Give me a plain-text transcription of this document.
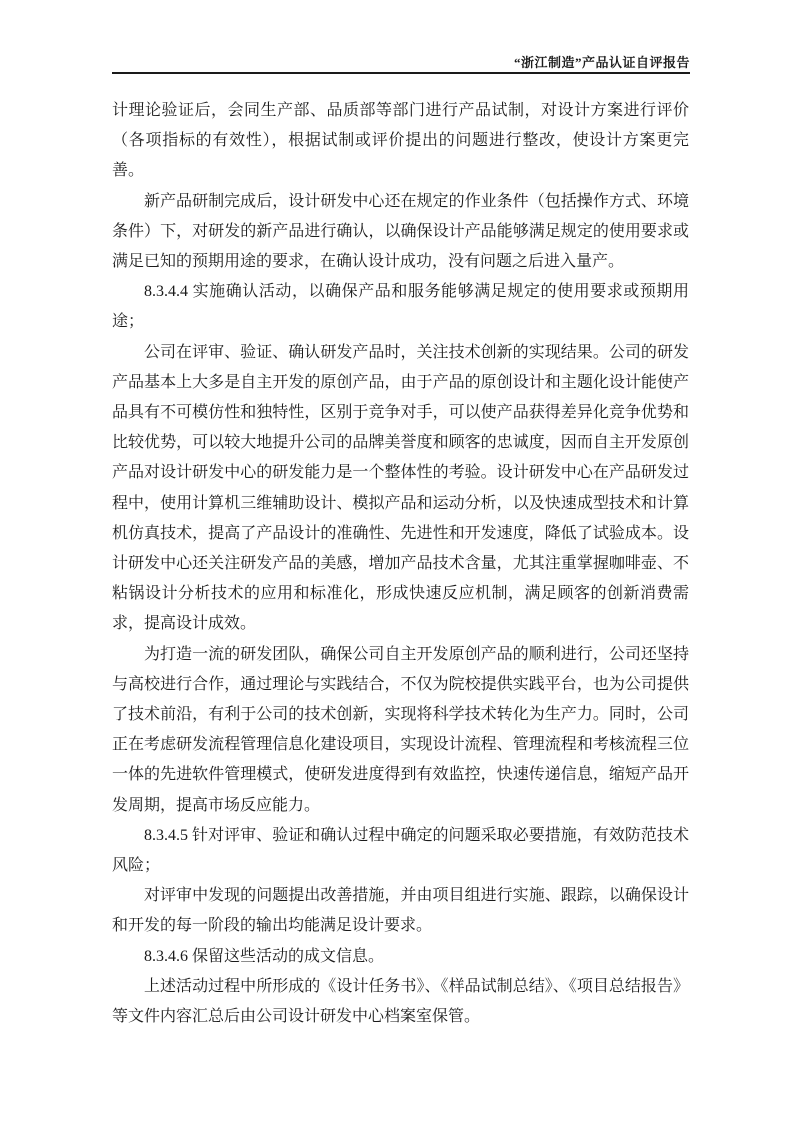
“浙江制造”产品认证自评报告

计理论验证后，会同生产部、品质部等部门进行产品试制，对设计方案进行评价（各项指标的有效性），根据试制或评价提出的问题进行整改，使设计方案更完善。

新产品研制完成后，设计研发中心还在规定的作业条件（包括操作方式、环境条件）下，对研发的新产品进行确认，以确保设计产品能够满足规定的使用要求或满足已知的预期用途的要求，在确认设计成功，没有问题之后进入量产。

8.3.4.4 实施确认活动，以确保产品和服务能够满足规定的使用要求或预期用途；

公司在评审、验证、确认研发产品时，关注技术创新的实现结果。公司的研发产品基本上大多是自主开发的原创产品，由于产品的原创设计和主题化设计能使产品具有不可模仿性和独特性，区别于竞争对手，可以使产品获得差异化竞争优势和比较优势，可以较大地提升公司的品牌美誉度和顾客的忠诚度，因而自主开发原创产品对设计研发中心的研发能力是一个整体性的考验。设计研发中心在产品研发过程中，使用计算机三维辅助设计、模拟产品和运动分析，以及快速成型技术和计算机仿真技术，提高了产品设计的准确性、先进性和开发速度，降低了试验成本。设计研发中心还关注研发产品的美感，增加产品技术含量，尤其注重掌握咖啡壶、不粘锅设计分析技术的应用和标准化，形成快速反应机制，满足顾客的创新消费需求，提高设计成效。

为打造一流的研发团队，确保公司自主开发原创产品的顺利进行，公司还坚持与高校进行合作，通过理论与实践结合，不仅为院校提供实践平台，也为公司提供了技术前沿，有利于公司的技术创新，实现将科学技术转化为生产力。同时，公司正在考虑研发流程管理信息化建设项目，实现设计流程、管理流程和考核流程三位一体的先进软件管理模式，使研发进度得到有效监控，快速传递信息，缩短产品开发周期，提高市场反应能力。

8.3.4.5 针对评审、验证和确认过程中确定的问题采取必要措施，有效防范技术风险；

对评审中发现的问题提出改善措施，并由项目组进行实施、跟踪，以确保设计和开发的每一阶段的输出均能满足设计要求。

8.3.4.6 保留这些活动的成文信息。

上述活动过程中所形成的《设计任务书》、《样品试制总结》、《项目总结报告》等文件内容汇总后由公司设计研发中心档案室保管。
